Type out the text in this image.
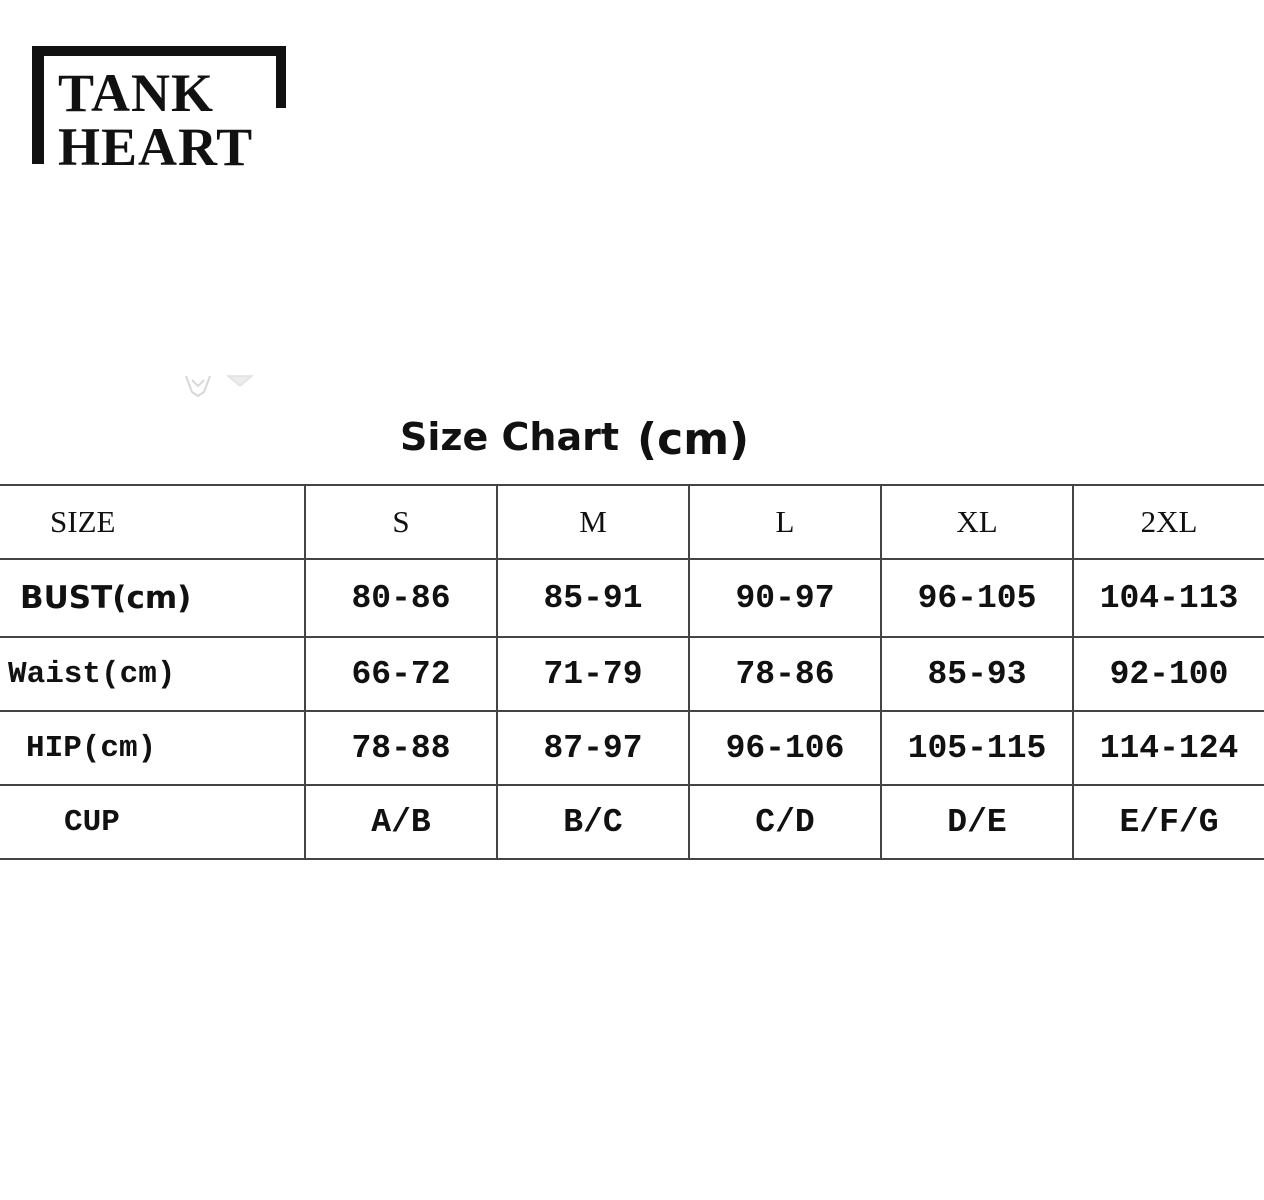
TANK
HEART
Size Chart (cm)
SIZE	S	M	L	XL	2XL
BUST(cm)	80-86	85-91	90-97	96-105	104-113
Waist(cm)	66-72	71-79	78-86	85-93	92-100
HIP(cm)	78-88	87-97	96-106	105-115	114-124
CUP	A/B	B/C	C/D	D/E	E/F/G
